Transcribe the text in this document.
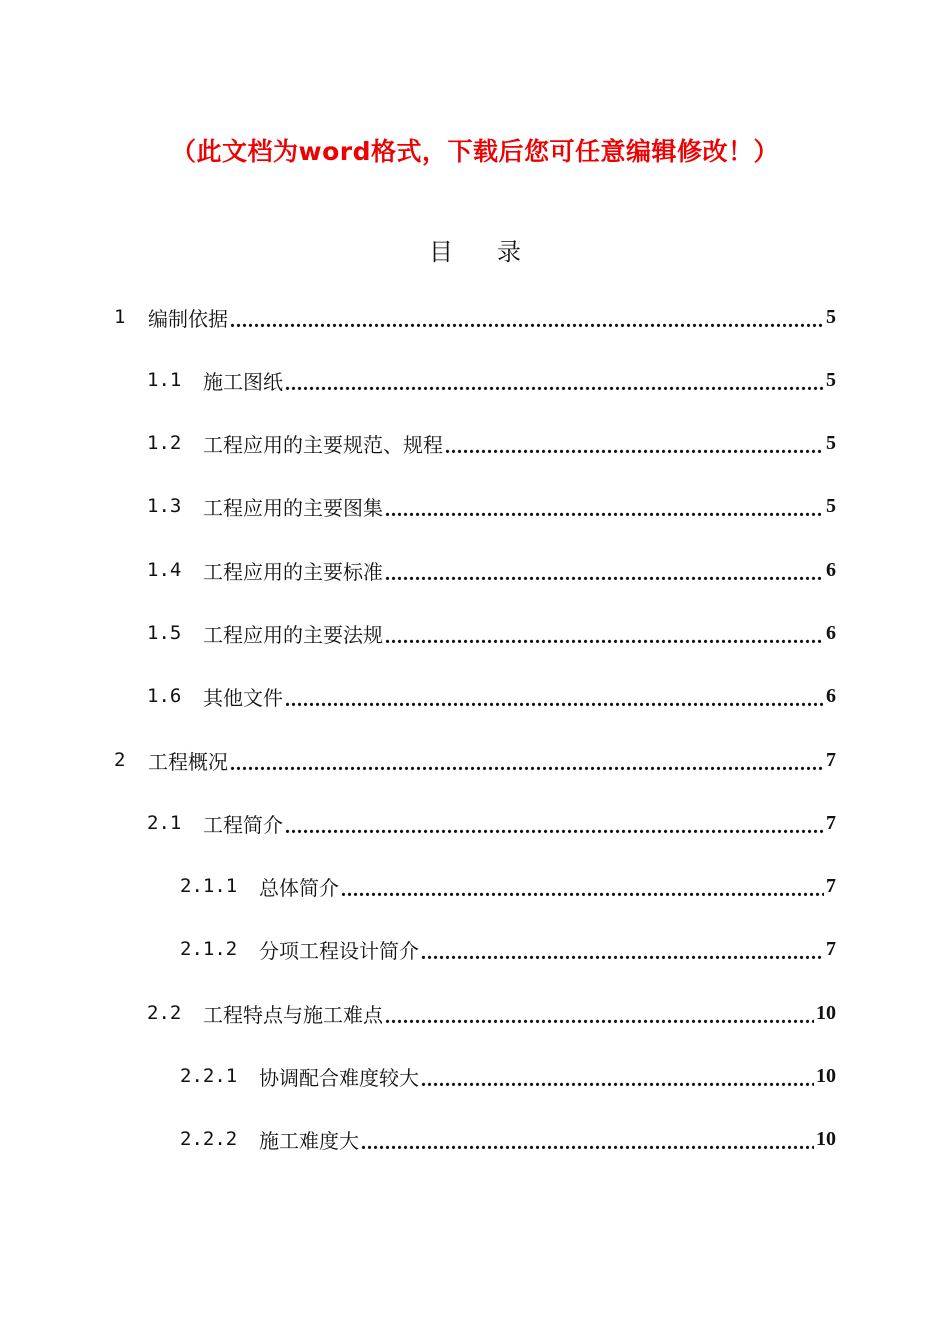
（此文档为word格式，下载后您可任意编辑修改！）
目 录
1	编制依据 .....	5
1.1	施工图纸 .....	5
1.2	工程应用的主要规范、规程 .....	5
1.3	工程应用的主要图集 .....	5
1.4	工程应用的主要标准 .....	6
1.5	工程应用的主要法规 .....	6
1.6	其他文件 .....	6
2	工程概况 .....	7
2.1	工程简介 .....	7
2.1.1	总体简介 .....	7
2.1.2	分项工程设计简介 .....	7
2.2	工程特点与施工难点 .....	10
2.2.1	协调配合难度较大 .....	10
2.2.2	施工难度大 .....	10
